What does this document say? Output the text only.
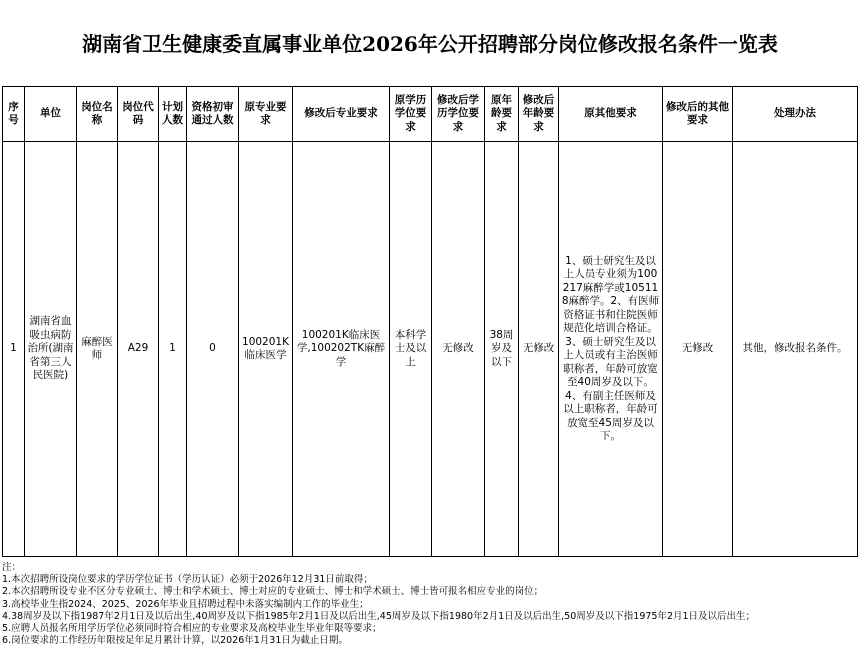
湖南省卫生健康委直属事业单位2026年公开招聘部分岗位修改报名条件一览表
序号	单位	岗位名称	岗位代码	计划人数	资格初审通过人数	原专业要求	修改后专业要求	原学历学位要求	修改后学历学位要求	原年龄要求	修改后年龄要求	原其他要求	修改后的其他要求	处理办法
1	湖南省血吸虫病防治所(湖南省第三人民医院)	麻醉医师	A29	1	0	100201K临床医学	100201K临床医学,100202TK麻醉学	本科学士及以上	无修改	38周岁及以下	无修改	1、硕士研究生及以上人员专业须为100217麻醉学或105118麻醉学。2、有医师资格证书和住院医师规范化培训合格证。3、硕士研究生及以上人员或有主治医师职称者，年龄可放宽至40周岁及以下。4、有副主任医师及以上职称者，年龄可放宽至45周岁及以下。	无修改	其他，修改报名条件。
注：
1.本次招聘所设岗位要求的学历学位证书（学历认证）必须于2026年12月31日前取得；
2.本次招聘所设专业不区分专业硕士、博士和学术硕士、博士对应的专业硕士、博士和学术硕士、博士皆可报名相应专业的岗位；
3.高校毕业生指2024、2025、2026年毕业且招聘过程中未落实编制内工作的毕业生；
4.38周岁及以下指1987年2月1日及以后出生,40周岁及以下指1985年2月1日及以后出生,45周岁及以下指1980年2月1日及以后出生,50周岁及以下指1975年2月1日及以后出生；
5.应聘人员报名所用学历学位必须同时符合相应的专业要求及高校毕业生毕业年限等要求；
6.岗位要求的工作经历年限按足年足月累计计算，以2026年1月31日为截止日期。
